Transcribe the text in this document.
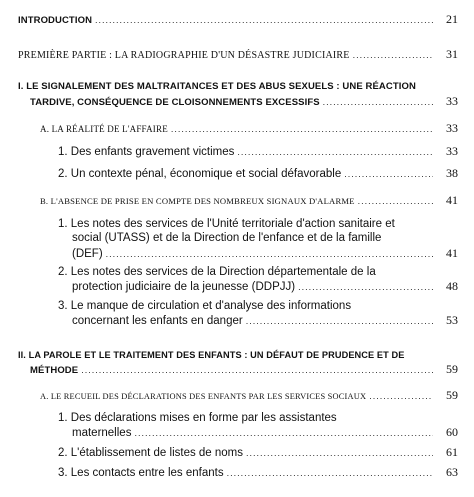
INTRODUCTION .....	21
PREMIÈRE PARTIE : LA RADIOGRAPHIE D'UN DÉSASTRE JUDICIAIRE .....	31
I. LE SIGNALEMENT DES MALTRAITANCES ET DES ABUS SEXUELS : UNE RÉACTION
TARDIVE, CONSÉQUENCE DE CLOISONNEMENTS EXCESSIFS .....	33
A. LA RÉALITÉ DE L'AFFAIRE .....	33
1. Des enfants gravement victimes .....	33
2. Un contexte pénal, économique et social défavorable .....	38
B. L'ABSENCE DE PRISE EN COMPTE DES NOMBREUX SIGNAUX D'ALARME .....	41
1. Les notes des services de l'Unité territoriale d'action sanitaire et
social (UTASS) et de la Direction de l'enfance et de la famille
(DEF) .....	41
2. Les notes des services de la Direction départementale de la
protection judiciaire de la jeunesse (DDPJJ) .....	48
3. Le manque de circulation et d'analyse des informations
concernant les enfants en danger .....	53
II. LA PAROLE ET LE TRAITEMENT DES ENFANTS : UN DÉFAUT DE PRUDENCE ET DE
MÉTHODE .....	59
A. LE RECUEIL DES DÉCLARATIONS DES ENFANTS PAR LES SERVICES SOCIAUX .....	59
1. Des déclarations mises en forme par les assistantes
maternelles .....	60
2. L'établissement de listes de noms .....	61
3. Les contacts entre les enfants .....	63
